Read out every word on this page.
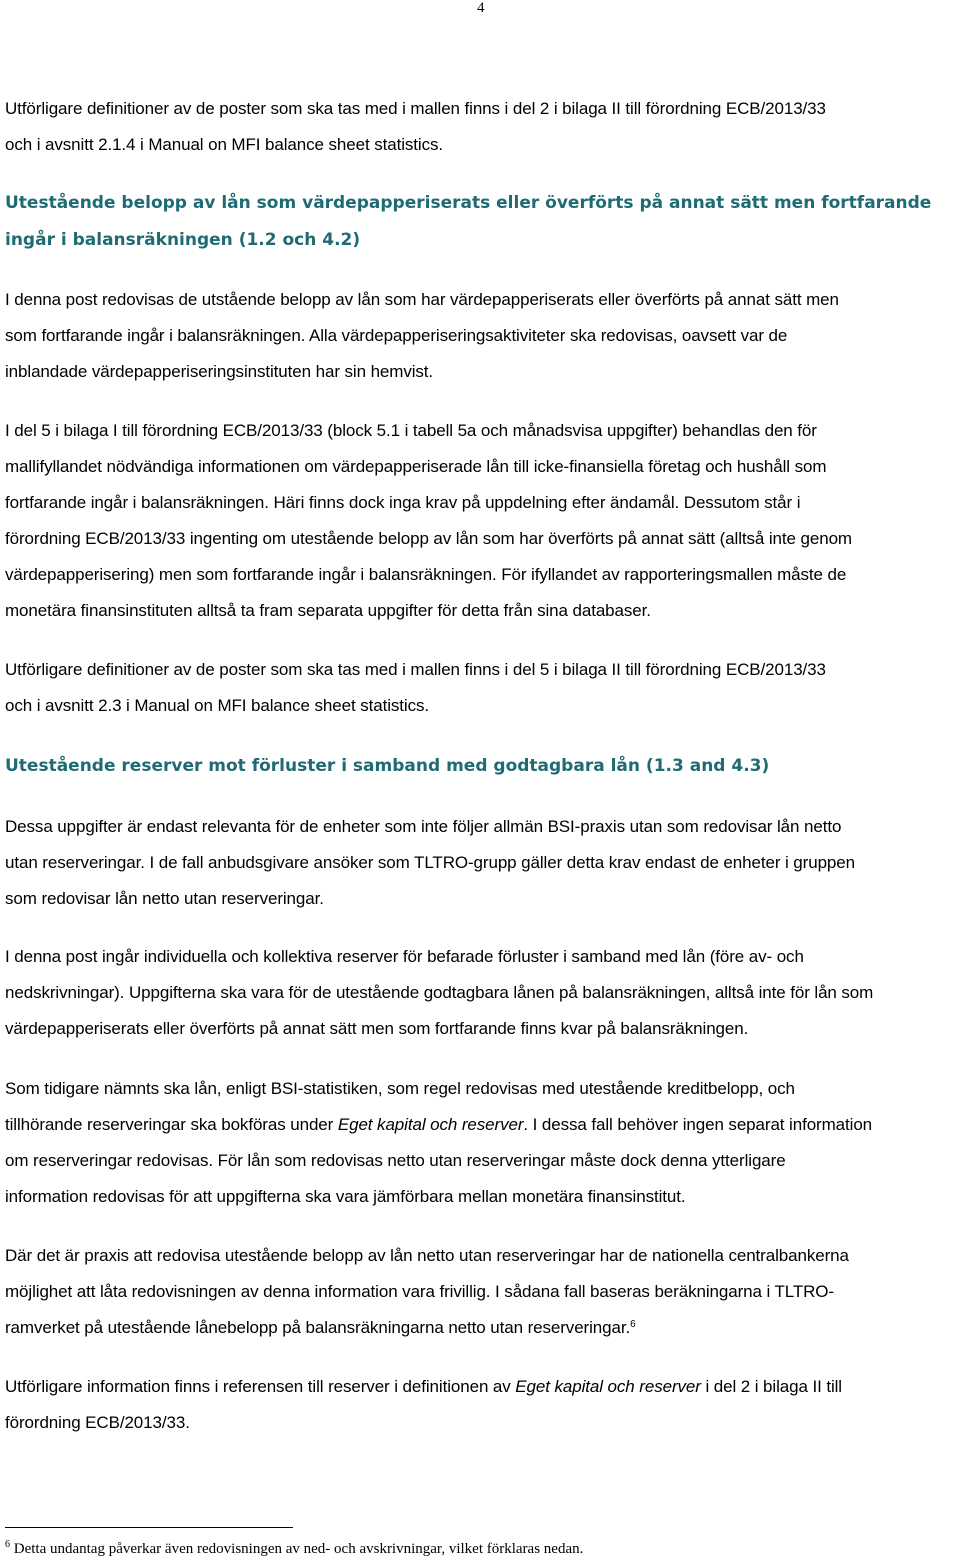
4
Utförligare definitioner av de poster som ska tas med i mallen finns i del 2 i bilaga II till förordning ECB/2013/33
och i avsnitt 2.1.4 i Manual on MFI balance sheet statistics.
Utestående belopp av lån som värdepapperiserats eller överförts på annat sätt men fortfarande
ingår i balansräkningen (1.2 och 4.2)
I denna post redovisas de utstående belopp av lån som har värdepapperiserats eller överförts på annat sätt men
som fortfarande ingår i balansräkningen. Alla värdepapperiseringsaktiviteter ska redovisas, oavsett var de
inblandade värdepapperiseringsinstituten har sin hemvist.
I del 5 i bilaga I till förordning ECB/2013/33 (block 5.1 i tabell 5a och månadsvisa uppgifter) behandlas den för
mallifyllandet nödvändiga informationen om värdepapperiserade lån till icke-finansiella företag och hushåll som
fortfarande ingår i balansräkningen. Häri finns dock inga krav på uppdelning efter ändamål. Dessutom står i
förordning ECB/2013/33 ingenting om utestående belopp av lån som har överförts på annat sätt (alltså inte genom
värdepapperisering) men som fortfarande ingår i balansräkningen. För ifyllandet av rapporteringsmallen måste de
monetära finansinstituten alltså ta fram separata uppgifter för detta från sina databaser.
Utförligare definitioner av de poster som ska tas med i mallen finns i del 5 i bilaga II till förordning ECB/2013/33
och i avsnitt 2.3 i Manual on MFI balance sheet statistics.
Utestående reserver mot förluster i samband med godtagbara lån (1.3 and 4.3)
Dessa uppgifter är endast relevanta för de enheter som inte följer allmän BSI-praxis utan som redovisar lån netto
utan reserveringar. I de fall anbudsgivare ansöker som TLTRO-grupp gäller detta krav endast de enheter i gruppen
som redovisar lån netto utan reserveringar.
I denna post ingår individuella och kollektiva reserver för befarade förluster i samband med lån (före av- och
nedskrivningar). Uppgifterna ska vara för de utestående godtagbara lånen på balansräkningen, alltså inte för lån som
värdepapperiserats eller överförts på annat sätt men som fortfarande finns kvar på balansräkningen.
Som tidigare nämnts ska lån, enligt BSI-statistiken, som regel redovisas med utestående kreditbelopp, och
tillhörande reserveringar ska bokföras under Eget kapital och reserver. I dessa fall behöver ingen separat information
om reserveringar redovisas. För lån som redovisas netto utan reserveringar måste dock denna ytterligare
information redovisas för att uppgifterna ska vara jämförbara mellan monetära finansinstitut.
Där det är praxis att redovisa utestående belopp av lån netto utan reserveringar har de nationella centralbankerna
möjlighet att låta redovisningen av denna information vara frivillig. I sådana fall baseras beräkningarna i TLTRO-
ramverket på utestående lånebelopp på balansräkningarna netto utan reserveringar.$^6$
Utförligare information finns i referensen till reserver i definitionen av Eget kapital och reserver i del 2 i bilaga II till
förordning ECB/2013/33.
$^6$ Detta undantag påverkar även redovisningen av ned- och avskrivningar, vilket förklaras nedan.
